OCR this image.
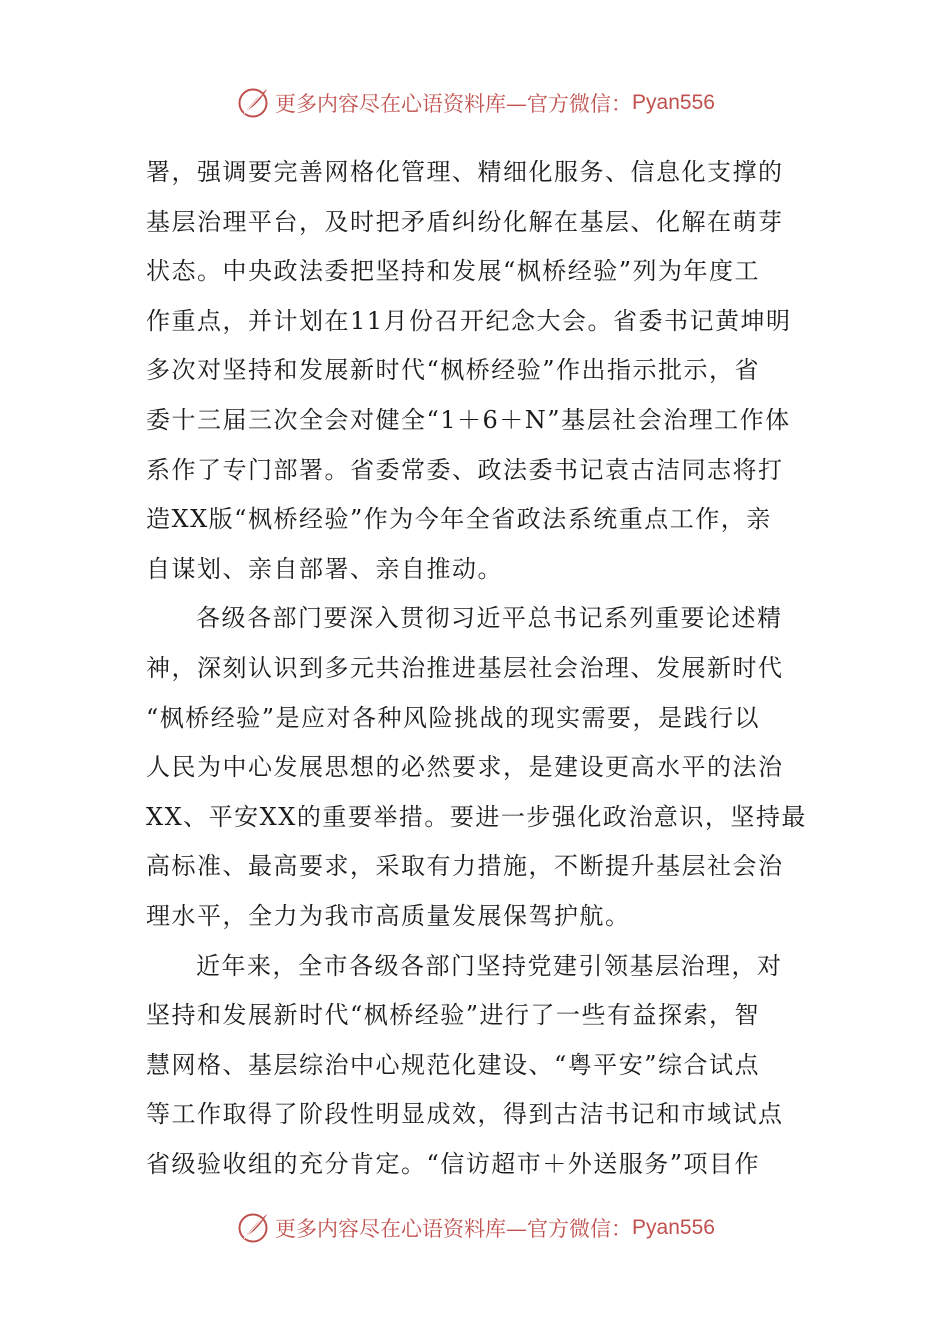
更多内容尽在心语资料库—官方微信： Pyan556
署，强调要完善网格化管理、精细化服务、信息化支撑的
基层治理平台，及时把矛盾纠纷化解在基层、化解在萌芽
状态。中央政法委把坚持和发展“枫桥经验”列为年度工
作重点，并计划在11月份召开纪念大会。省委书记黄坤明
多次对坚持和发展新时代“枫桥经验”作出指示批示，省
委十三届三次全会对健全“1＋6＋N”基层社会治理工作体
系作了专门部署。省委常委、政法委书记袁古洁同志将打
造XX版“枫桥经验”作为今年全省政法系统重点工作，亲
自谋划、亲自部署、亲自推动。
各级各部门要深入贯彻习近平总书记系列重要论述精
神，深刻认识到多元共治推进基层社会治理、发展新时代
“枫桥经验”是应对各种风险挑战的现实需要，是践行以
人民为中心发展思想的必然要求，是建设更高水平的法治
XX、平安XX的重要举措。要进一步强化政治意识，坚持最
高标准、最高要求，采取有力措施，不断提升基层社会治
理水平，全力为我市高质量发展保驾护航。
近年来，全市各级各部门坚持党建引领基层治理，对
坚持和发展新时代“枫桥经验”进行了一些有益探索，智
慧网格、基层综治中心规范化建设、“粤平安”综合试点
等工作取得了阶段性明显成效，得到古洁书记和市域试点
省级验收组的充分肯定。“信访超市＋外送服务”项目作
更多内容尽在心语资料库—官方微信： Pyan556
